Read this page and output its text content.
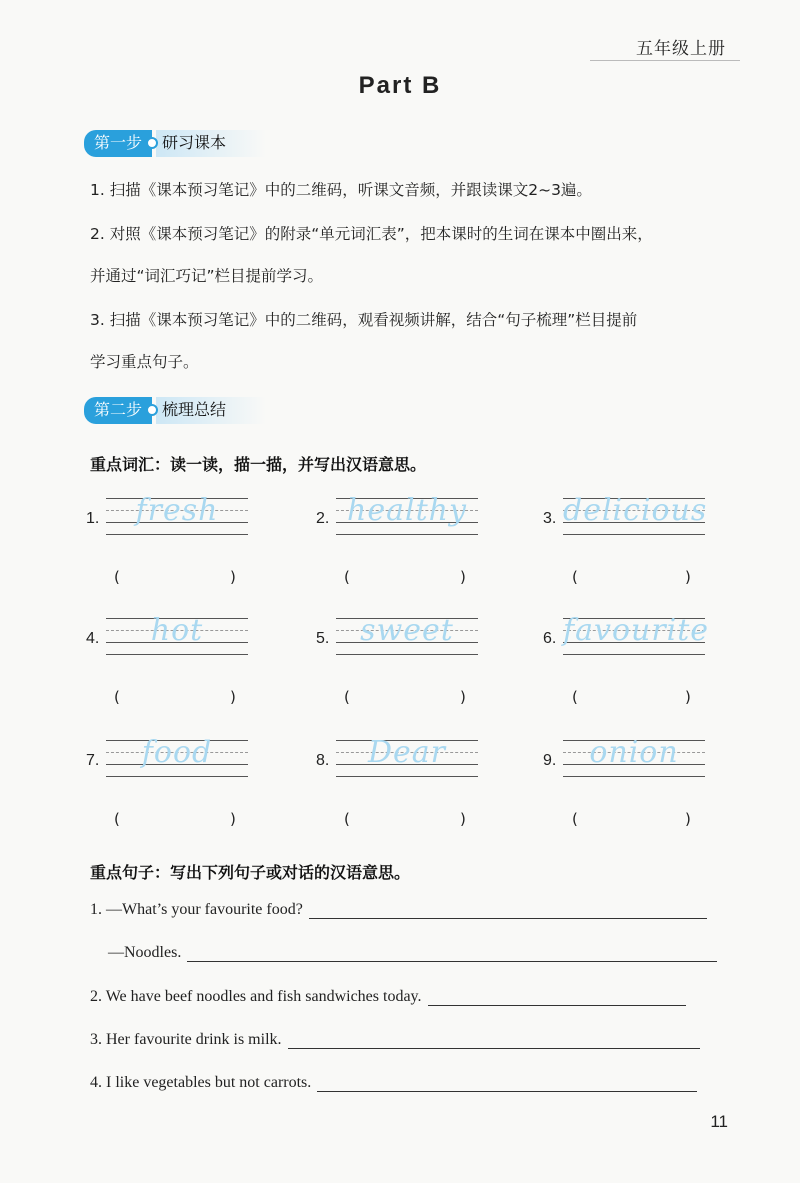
五年级上册
Part B
第一步	研习课本
1. 扫描《课本预习笔记》中的二维码，听课文音频，并跟读课文2~3遍。
2. 对照《课本预习笔记》的附录“单元词汇表”，把本课时的生词在课本中圈出来，
并通过“词汇巧记”栏目提前学习。
3. 扫描《课本预习笔记》中的二维码，观看视频讲解，结合“句子梳理”栏目提前
学习重点句子。
第二步	梳理总结
重点词汇：读一读，描一描，并写出汉语意思。
1.	fresh	2. healthy	3. delicious
(	)	(	)	(	)
4.	hot	5.	sweet	6. favourite
(	)	(	)	(	)
7.	food	8.	Dear	9.	onion
(	)	(	)	(	)
重点句子：写出下列句子或对话的汉语意思。
1. —What’s your favourite food?
—Noodles.
2. We have beef noodles and fish sandwiches today.
3. Her favourite drink is milk.
4. I like vegetables but not carrots.
11
